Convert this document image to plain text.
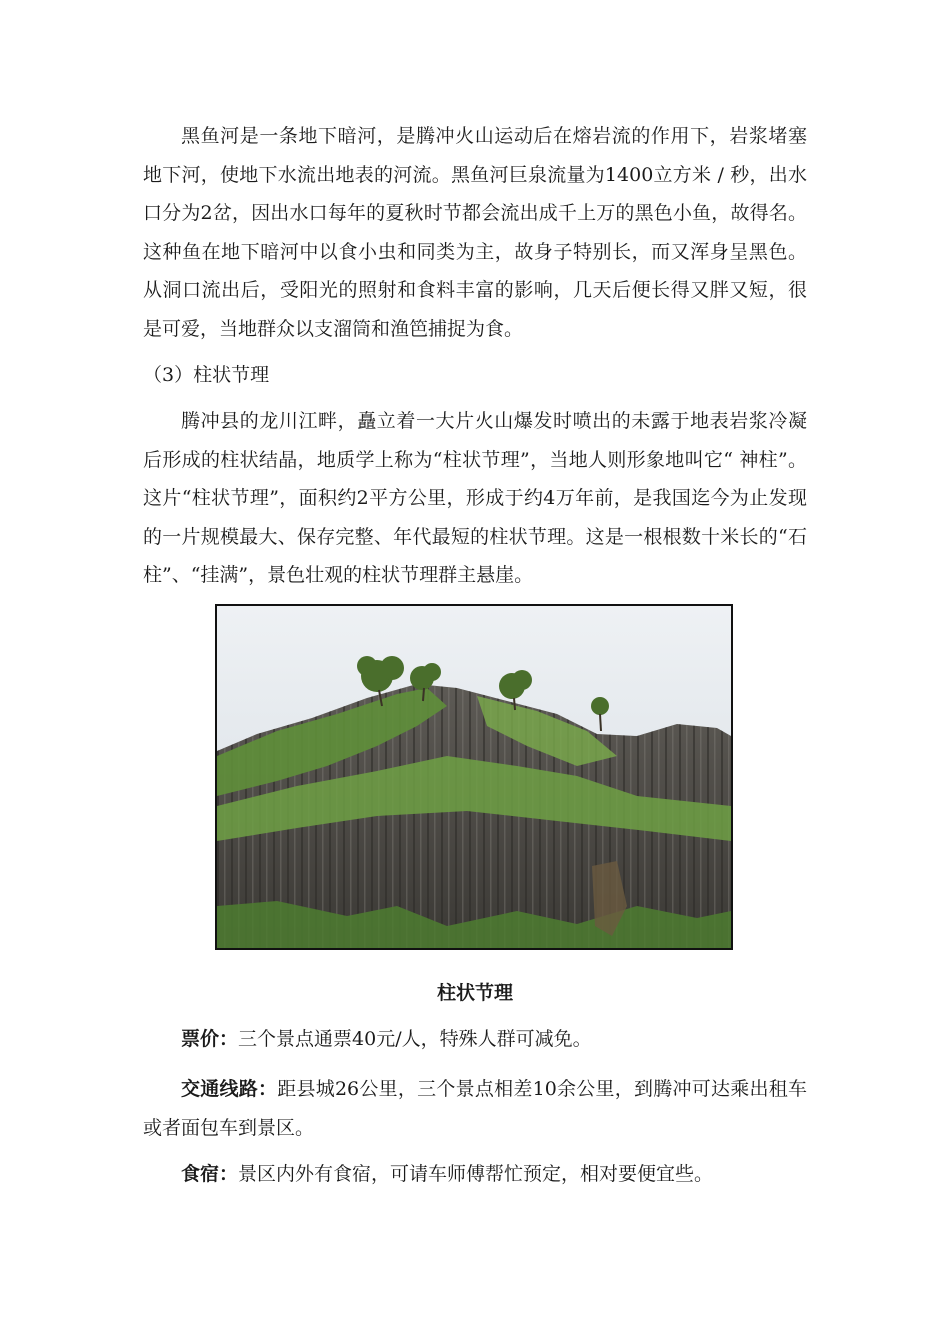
黑鱼河是一条地下暗河，是腾冲火山运动后在熔岩流的作用下，岩浆堵塞地下河，使地下水流出地表的河流。黑鱼河巨泉流量为1400立方米 / 秒，出水口分为2岔，因出水口每年的夏秋时节都会流出成千上万的黑色小鱼，故得名。这种鱼在地下暗河中以食小虫和同类为主，故身子特别长，而又浑身呈黑色。从洞口流出后，受阳光的照射和食料丰富的影响，几天后便长得又胖又短，很是可爱，当地群众以支溜筒和渔笆捕捉为食。

（3）柱状节理

腾冲县的龙川江畔，矗立着一大片火山爆发时喷出的未露于地表岩浆冷凝后形成的柱状结晶，地质学上称为“柱状节理”，当地人则形象地叫它“ 神柱”。这片“柱状节理”，面积约2平方公里，形成于约4万年前，是我国迄今为止发现的一片规模最大、保存完整、年代最短的柱状节理。这是一根根数十米长的“石柱”、“挂满”，景色壮观的柱状节理群主悬崖。

柱状节理

票价：三个景点通票40元/人，特殊人群可减免。

交通线路：距县城26公里，三个景点相差10余公里，到腾冲可达乘出租车或者面包车到景区。

食宿：景区内外有食宿，可请车师傅帮忙预定，相对要便宜些。
